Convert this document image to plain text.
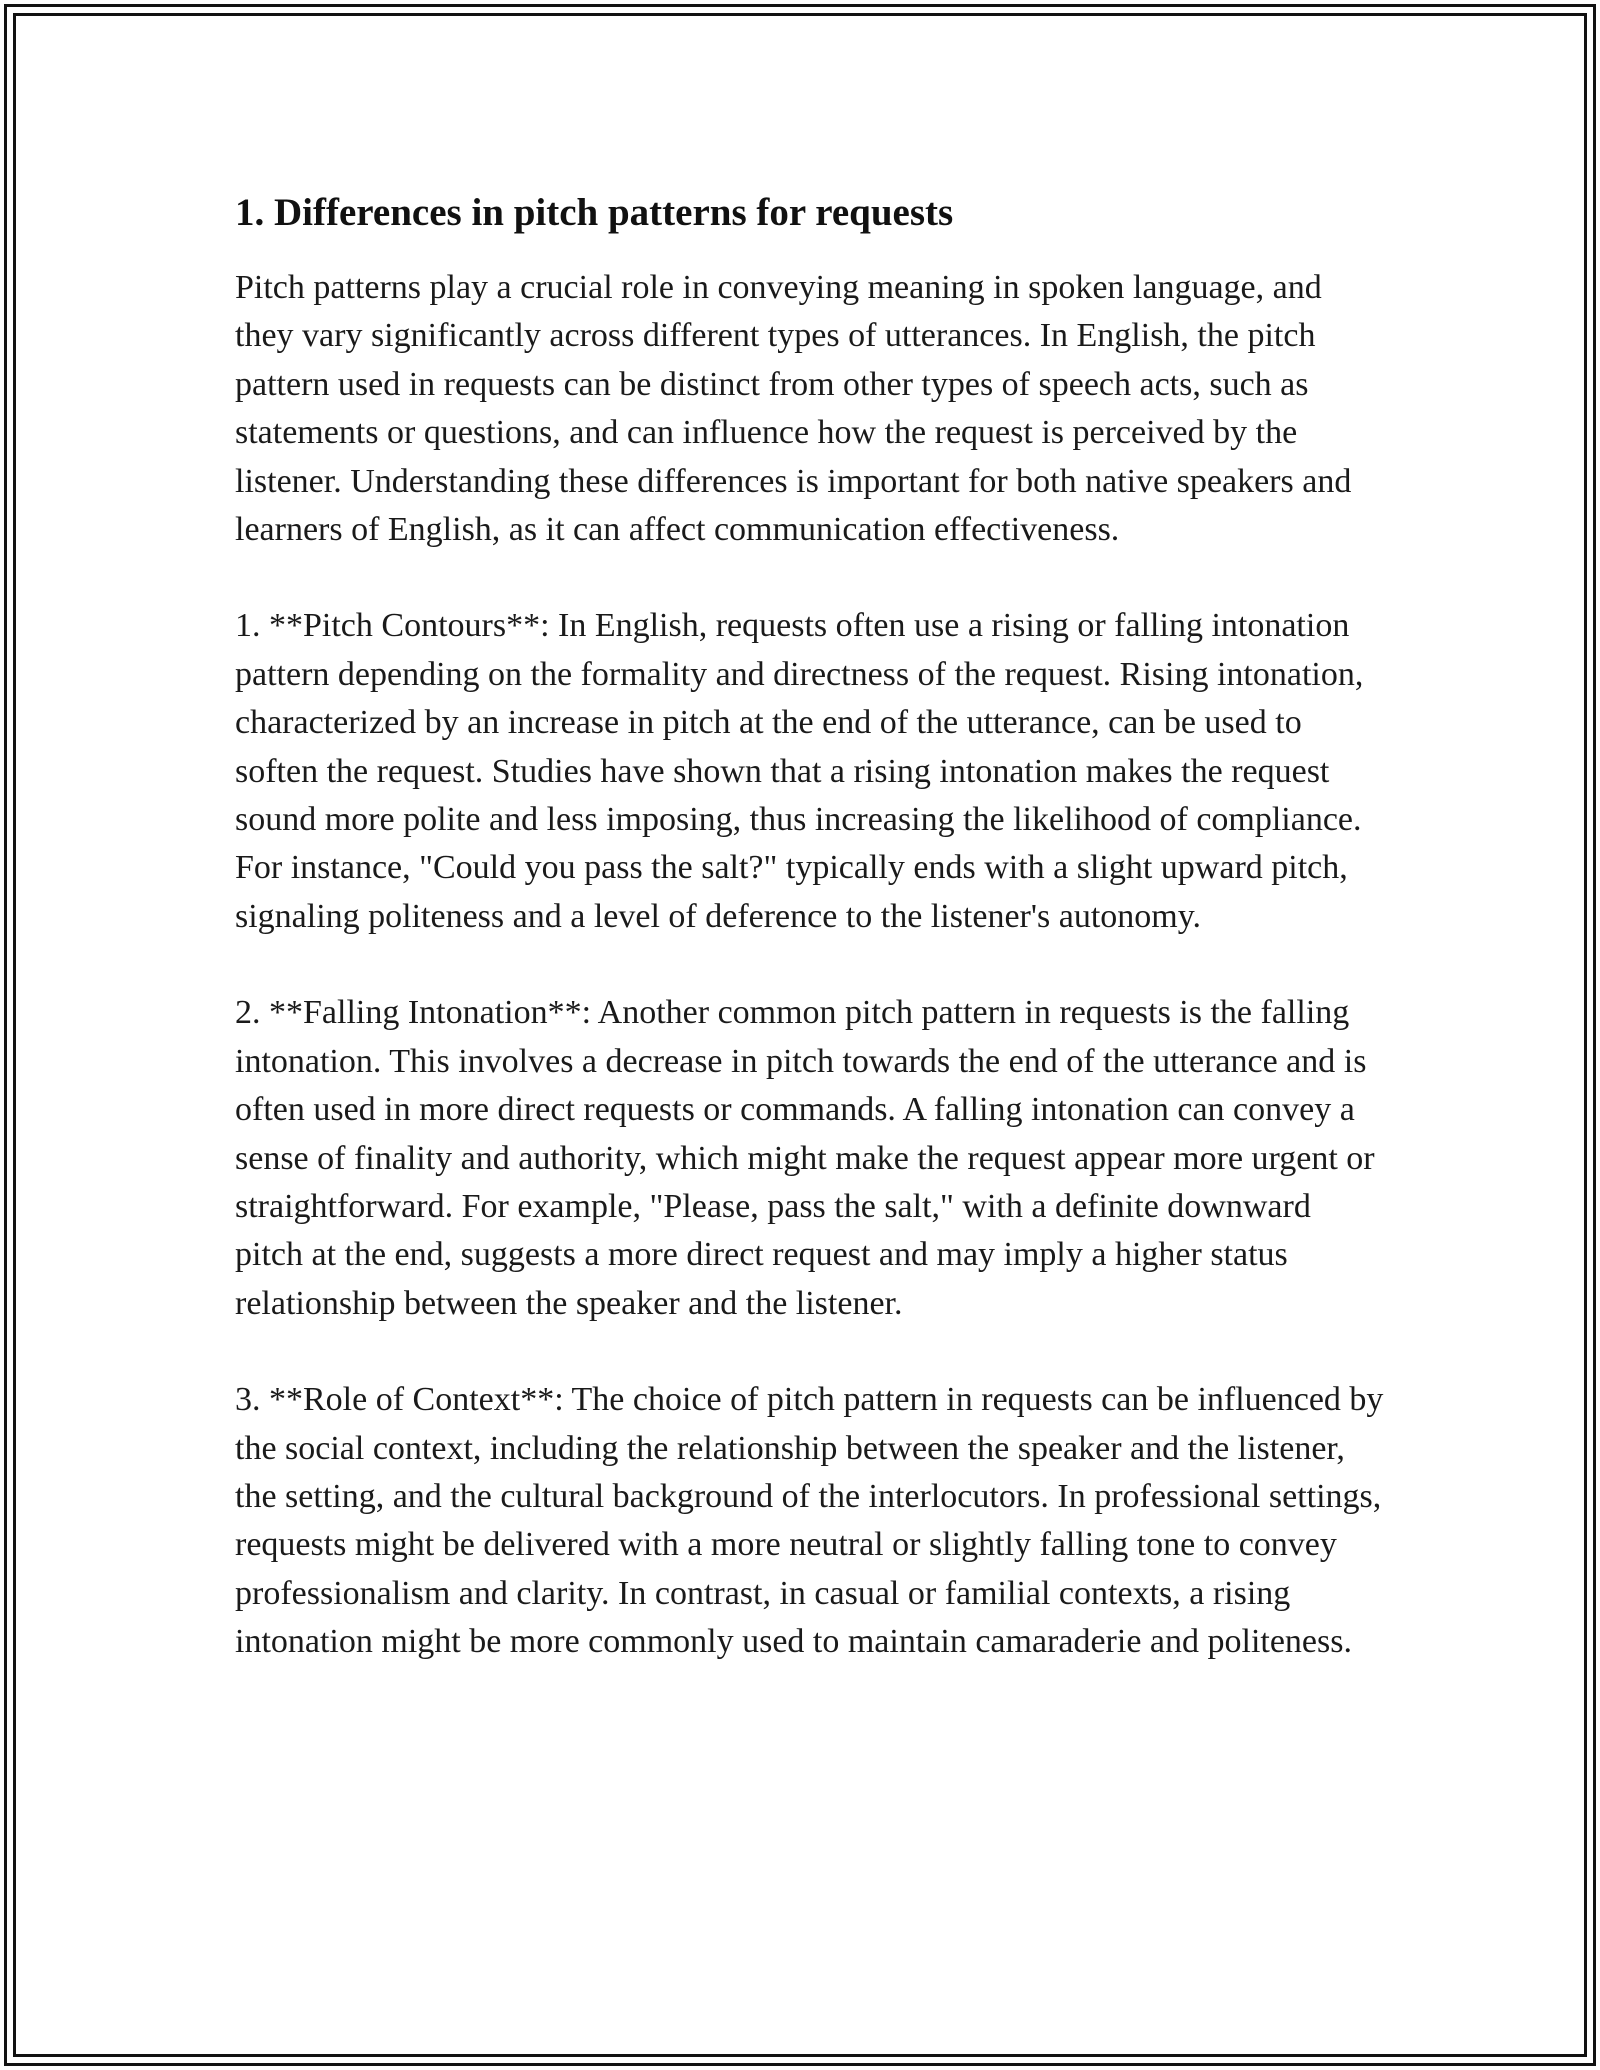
1. Differences in pitch patterns for requests

Pitch patterns play a crucial role in conveying meaning in spoken language, and they vary significantly across different types of utterances. In English, the pitch pattern used in requests can be distinct from other types of speech acts, such as statements or questions, and can influence how the request is perceived by the listener. Understanding these differences is important for both native speakers and learners of English, as it can affect communication effectiveness.

1. **Pitch Contours**: In English, requests often use a rising or falling intonation pattern depending on the formality and directness of the request. Rising intonation, characterized by an increase in pitch at the end of the utterance, can be used to soften the request. Studies have shown that a rising intonation makes the request sound more polite and less imposing, thus increasing the likelihood of compliance. For instance, "Could you pass the salt?" typically ends with a slight upward pitch, signaling politeness and a level of deference to the listener's autonomy.

2. **Falling Intonation**: Another common pitch pattern in requests is the falling intonation. This involves a decrease in pitch towards the end of the utterance and is often used in more direct requests or commands. A falling intonation can convey a sense of finality and authority, which might make the request appear more urgent or straightforward. For example, "Please, pass the salt," with a definite downward pitch at the end, suggests a more direct request and may imply a higher status relationship between the speaker and the listener.

3. **Role of Context**: The choice of pitch pattern in requests can be influenced by the social context, including the relationship between the speaker and the listener, the setting, and the cultural background of the interlocutors. In professional settings, requests might be delivered with a more neutral or slightly falling tone to convey professionalism and clarity. In contrast, in casual or familial contexts, a rising intonation might be more commonly used to maintain camaraderie and politeness.
